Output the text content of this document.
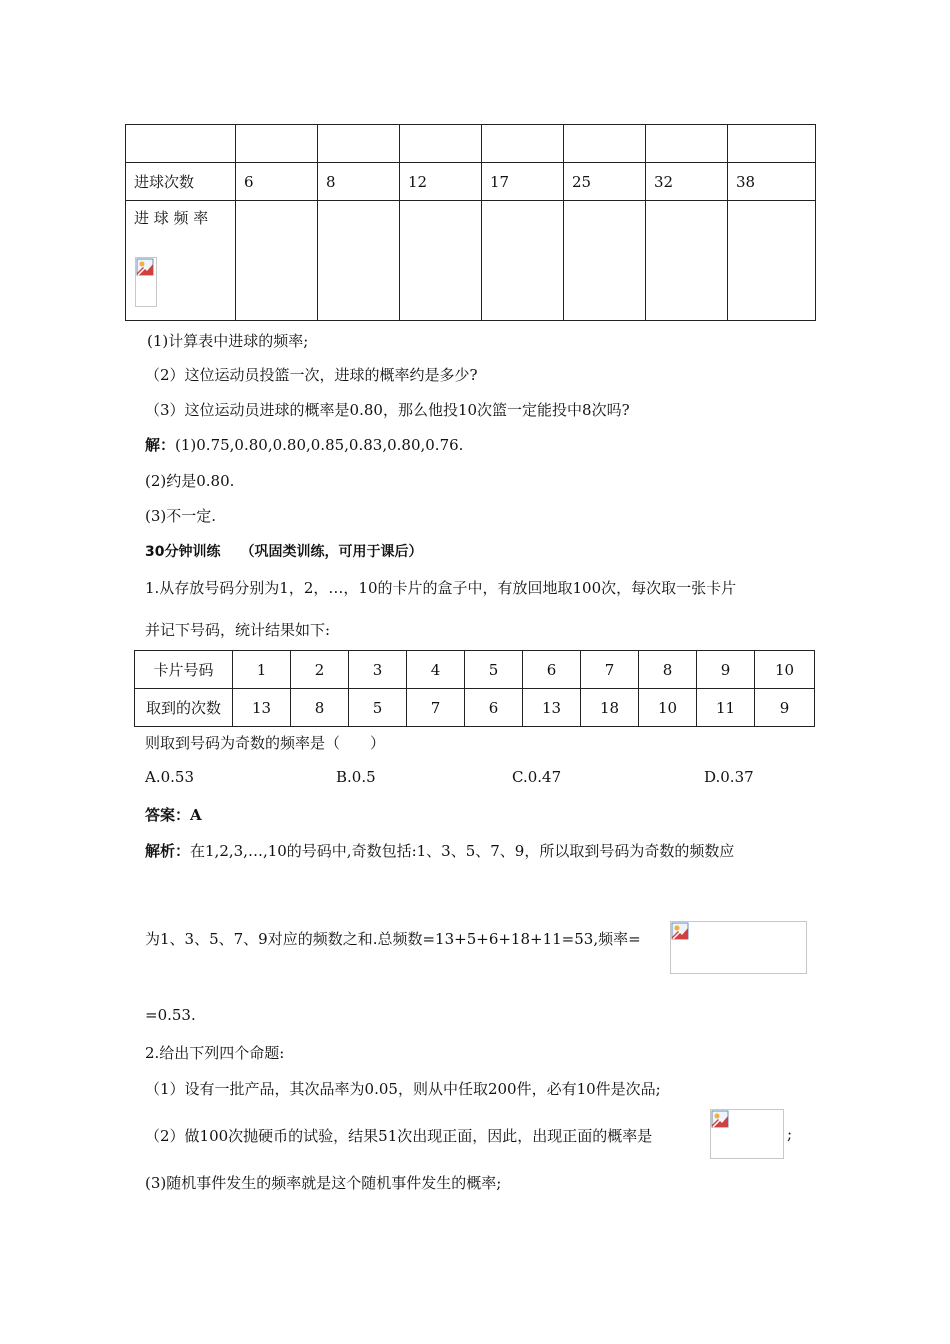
进球次数	6	8	12	17	25	32	38

进 球 频 率							

(1)计算表中进球的频率;
（2）这位运动员投篮一次，进球的概率约是多少?
（3）这位运动员进球的概率是0.80，那么他投10次篮一定能投中8次吗?
解：(1)0.75,0.80,0.80,0.85,0.83,0.80,0.76.
(2)约是0.80.
(3)不一定.
30分钟训练 （巩固类训练，可用于课后）
1.从存放号码分别为1，2，…，10的卡片的盒子中，有放回地取100次，每次取一张卡片
并记下号码，统计结果如下:
卡片号码	1	2	3	4	5	6	7	8	9	10
取到的次数	13	8	5	7	6	13	18	10	11	9
则取到号码为奇数的频率是（　　）
A.0.53	B.0.5	C.0.47	D.0.37
答案：A
解析：在1,2,3,…,10的号码中,奇数包括:1、3、5、7、9，所以取到号码为奇数的频数应
为1、3、5、7、9对应的频数之和.总频数=13+5+6+18+11=53,频率=
=0.53.
2.给出下列四个命题:
（1）设有一批产品，其次品率为0.05，则从中任取200件，必有10件是次品;
（2）做100次抛硬币的试验，结果51次出现正面，因此，出现正面的概率是	;
(3)随机事件发生的频率就是这个随机事件发生的概率;
